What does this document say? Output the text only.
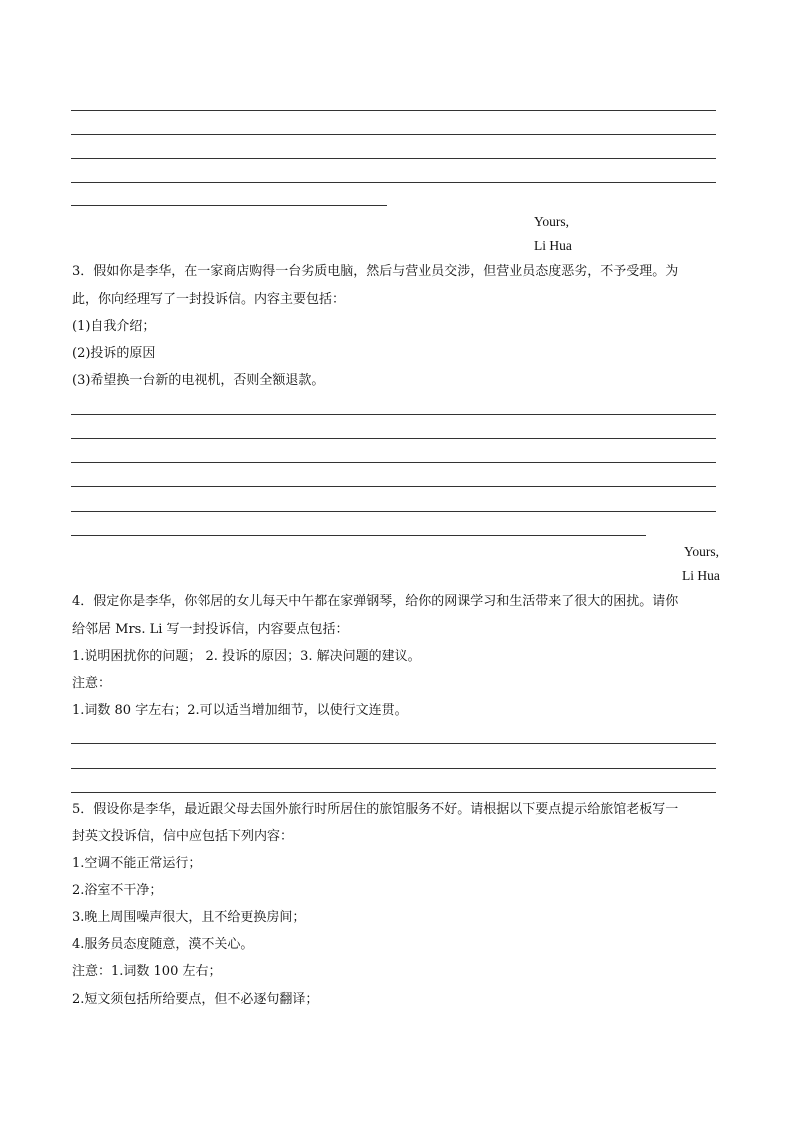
Yours,
Li Hua
3．假如你是李华，在一家商店购得一台劣质电脑，然后与营业员交涉，但营业员态度恶劣，不予受理。为
此，你向经理写了一封投诉信。内容主要包括：
(1)自我介绍；
(2)投诉的原因
(3)希望换一台新的电视机，否则全额退款。
Yours,
Li Hua
4．假定你是李华，你邻居的女儿每天中午都在家弹钢琴，给你的网课学习和生活带来了很大的困扰。请你
给邻居 Mrs. Li 写一封投诉信，内容要点包括：
1.说明困扰你的问题； 2. 投诉的原因；3. 解决问题的建议。
注意：
1.词数 80 字左右；2.可以适当增加细节，以使行文连贯。
5．假设你是李华，最近跟父母去国外旅行时所居住的旅馆服务不好。请根据以下要点提示给旅馆老板写一
封英文投诉信，信中应包括下列内容：
1.空调不能正常运行；
2.浴室不干净；
3.晚上周围噪声很大，且不给更换房间；
4.服务员态度随意，漠不关心。
注意：1.词数 100 左右；
2.短文须包括所给要点，但不必逐句翻译；
